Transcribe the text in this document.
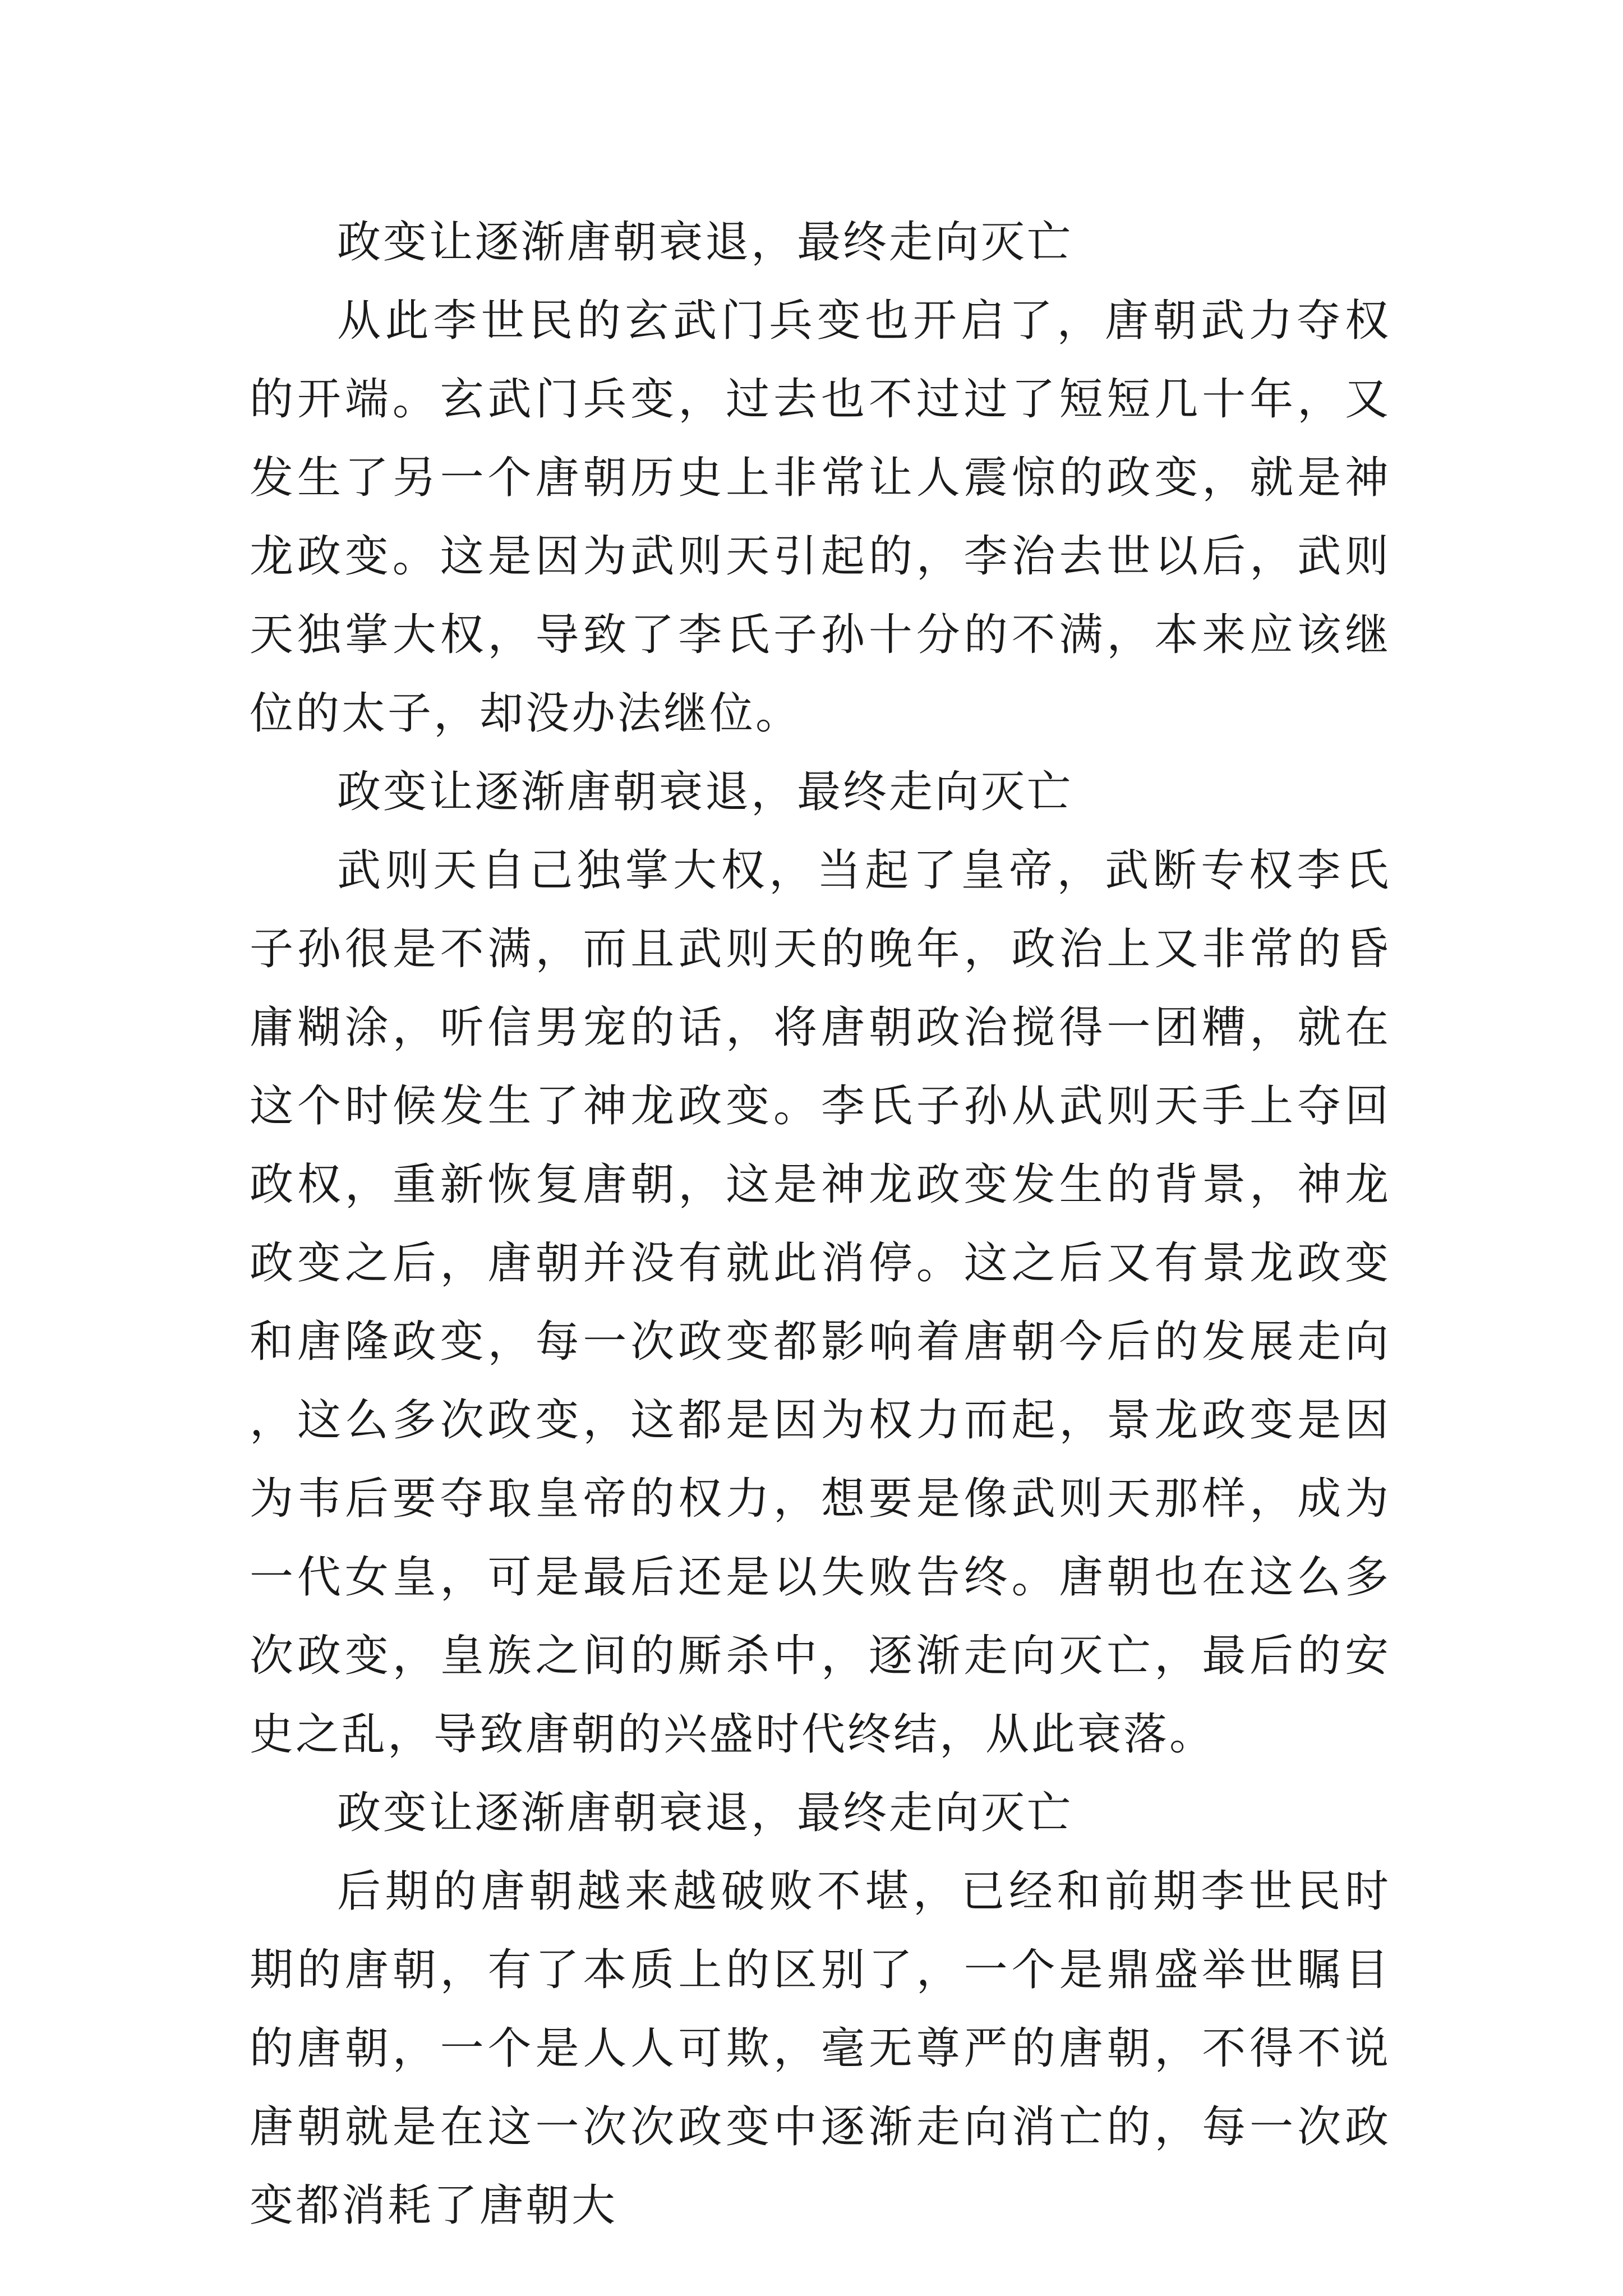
政变让逐渐唐朝衰退，最终走向灭亡

从此李世民的玄武门兵变也开启了，唐朝武力夺权的开端。玄武门兵变，过去也不过过了短短几十年，又发生了另一个唐朝历史上非常让人震惊的政变，就是神龙政变。这是因为武则天引起的，李治去世以后，武则天独掌大权，导致了李氏子孙十分的不满，本来应该继位的太子，却没办法继位。

政变让逐渐唐朝衰退，最终走向灭亡

武则天自己独掌大权，当起了皇帝，武断专权李氏子孙很是不满，而且武则天的晚年，政治上又非常的昏庸糊涂，听信男宠的话，将唐朝政治搅得一团糟，就在这个时候发生了神龙政变。李氏子孙从武则天手上夺回政权，重新恢复唐朝，这是神龙政变发生的背景，神龙政变之后，唐朝并没有就此消停。这之后又有景龙政变和唐隆政变，每一次政变都影响着唐朝今后的发展走向，这么多次政变，这都是因为权力而起，景龙政变是因为韦后要夺取皇帝的权力，想要是像武则天那样，成为一代女皇，可是最后还是以失败告终。唐朝也在这么多次政变，皇族之间的厮杀中，逐渐走向灭亡，最后的安史之乱，导致唐朝的兴盛时代终结，从此衰落。

政变让逐渐唐朝衰退，最终走向灭亡

后期的唐朝越来越破败不堪，已经和前期李世民时期的唐朝，有了本质上的区别了，一个是鼎盛举世瞩目的唐朝，一个是人人可欺，毫无尊严的唐朝，不得不说唐朝就是在这一次次政变中逐渐走向消亡的，每一次政变都消耗了唐朝大
